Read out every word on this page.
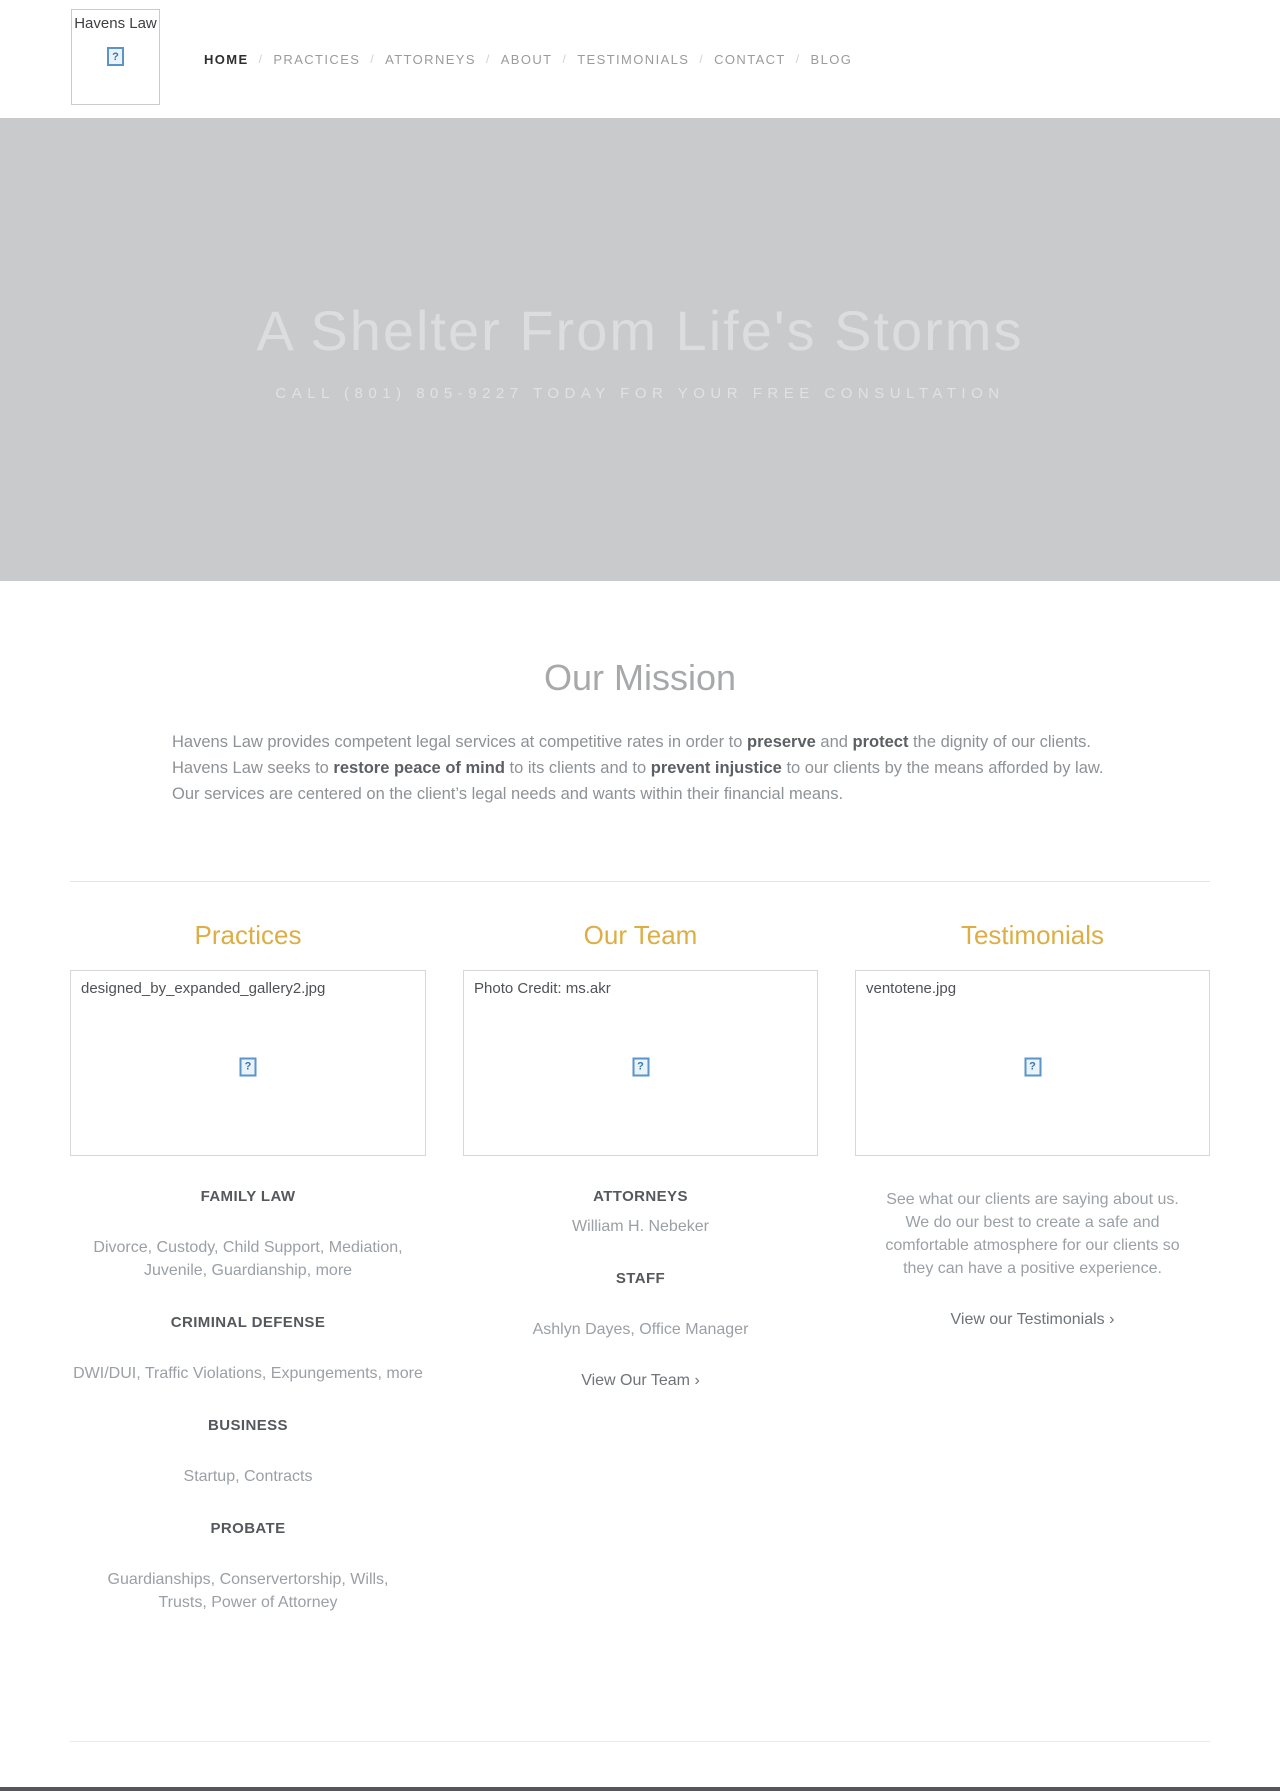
Havens Law
?	HOME / PRACTICES / ATTORNEYS / ABOUT / TESTIMONIALS / CONTACT / BLOG
A Shelter From Life's Storms
CALL (801) 805-9227 TODAY FOR YOUR FREE CONSULTATION
Our Mission

Havens Law provides competent legal services at competitive rates in order to preserve and protect the dignity of our clients. Havens Law seeks to restore peace of mind to its clients and to prevent injustice to our clients by the means afforded by law. Our services are centered on the client’s legal needs and wants within their financial means.

Practices
designed_by_expanded_gallery2.jpg
?
FAMILY LAW
Divorce, Custody, Child Support, Mediation, Juvenile, Guardianship, more
CRIMINAL DEFENSE
DWI/DUI, Traffic Violations, Expungements, more
BUSINESS
Startup, Contracts
PROBATE
Guardianships, Conservertorship, Wills, Trusts, Power of Attorney
Our Team
Photo Credit: ms.akr
?
ATTORNEYS
William H. Nebeker
STAFF
Ashlyn Dayes, Office Manager
View Our Team ›
Testimonials
ventotene.jpg
?
See what our clients are saying about us. We do our best to create a safe and comfortable atmosphere for our clients so they can have a positive experience.
View our Testimonials ›
